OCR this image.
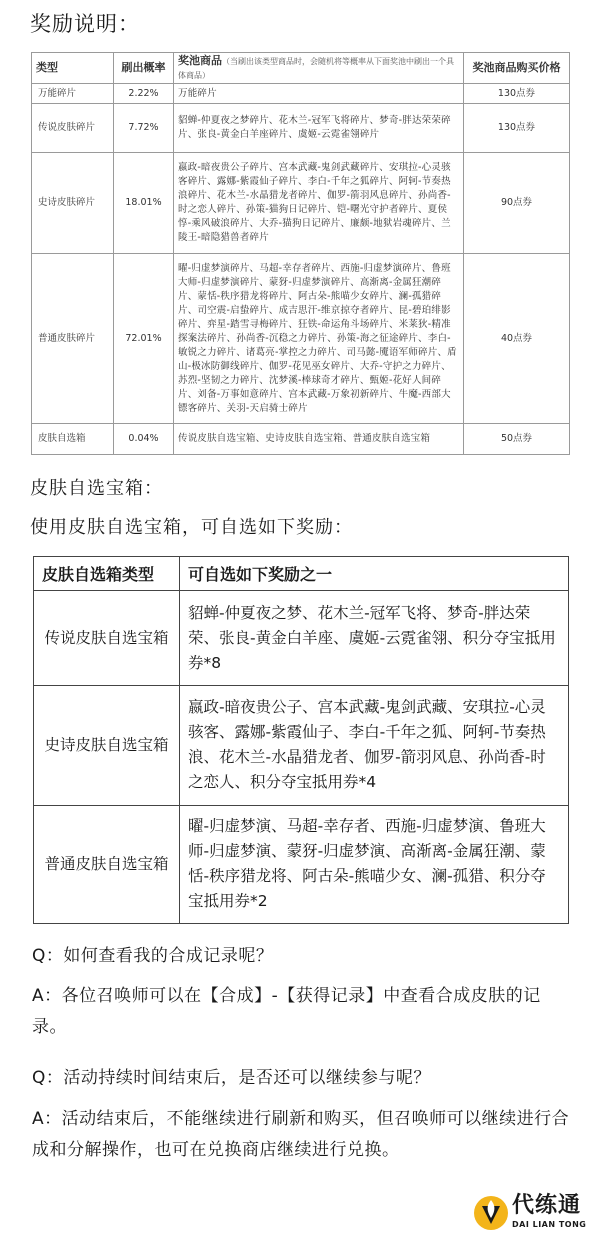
奖励说明：
类型	刷出概率	奖池商品（当刷出该类型商品时，会随机将等概率从下面奖池中刷出一个具体商品）	奖池商品购买价格
万能碎片	2.22%	万能碎片	130点券
传说皮肤碎片	7.72%	貂蝉-仲夏夜之梦碎片、花木兰-冠军飞将碎片、梦奇-胖达荣荣碎片、张良-黄金白羊座碎片、虞姬-云霓雀翎碎片	130点券
史诗皮肤碎片	18.01%	嬴政-暗夜贵公子碎片、宫本武藏-鬼剑武藏碎片、安琪拉-心灵骇客碎片、露娜-紫霞仙子碎片、李白-千年之狐碎片、阿轲-节奏热浪碎片、花木兰-水晶猎龙者碎片、伽罗-箭羽风息碎片、孙尚香-时之恋人碎片、孙策-猫狗日记碎片、铠-曙光守护者碎片、夏侯惇-乘风破浪碎片、大乔-猫狗日记碎片、廉颇-地狱岩魂碎片、兰陵王-暗隐猎兽者碎片	90点券
普通皮肤碎片	72.01%	曜-归虚梦演碎片、马超-幸存者碎片、西施-归虚梦演碎片、鲁班大师-归虚梦演碎片、蒙犽-归虚梦演碎片、高渐离-金属狂潮碎片、蒙恬-秩序猎龙将碎片、阿古朵-熊喵少女碎片、澜-孤猎碎片、司空震-启蛰碎片、成吉思汗-维京掠夺者碎片、昆-碧珀绯影碎片、弈星-踏雪寻梅碎片、狂铁-命运角斗场碎片、米莱狄-精准探案法碎片、孙尚香-沉稳之力碎片、孙策-海之征途碎片、李白-敏锐之力碎片、诸葛亮-掌控之力碎片、司马懿-魇语军师碎片、盾山-极冰防御线碎片、伽罗-花见巫女碎片、大乔-守护之力碎片、苏烈-坚韧之力碎片、沈梦溪-棒球奇才碎片、甄姬-花好人间碎片、刘备-万事如意碎片、宫本武藏-万象初新碎片、牛魔-西部大镖客碎片、关羽-天启骑士碎片	40点券
皮肤自选箱	0.04%	传说皮肤自选宝箱、史诗皮肤自选宝箱、普通皮肤自选宝箱	50点券
皮肤自选宝箱：
使用皮肤自选宝箱，可自选如下奖励：
皮肤自选箱类型	可自选如下奖励之一
传说皮肤自选宝箱	貂蝉-仲夏夜之梦、花木兰-冠军飞将、梦奇-胖达荣荣、张良-黄金白羊座、虞姬-云霓雀翎、积分夺宝抵用券*8
史诗皮肤自选宝箱	嬴政-暗夜贵公子、宫本武藏-鬼剑武藏、安琪拉-心灵骇客、露娜-紫霞仙子、李白-千年之狐、阿轲-节奏热浪、花木兰-水晶猎龙者、伽罗-箭羽风息、孙尚香-时之恋人、积分夺宝抵用券*4
普通皮肤自选宝箱	曜-归虚梦演、马超-幸存者、西施-归虚梦演、鲁班大师-归虚梦演、蒙犽-归虚梦演、高渐离-金属狂潮、蒙恬-秩序猎龙将、阿古朵-熊喵少女、澜-孤猎、积分夺宝抵用券*2
Q：如何查看我的合成记录呢？
A：各位召唤师可以在【合成】-【获得记录】中查看合成皮肤的记录。
Q：活动持续时间结束后，是否还可以继续参与呢？
A：活动结束后，不能继续进行刷新和购买，但召唤师可以继续进行合成和分解操作，也可在兑换商店继续进行兑换。
代练通
DAI LIAN TONG
